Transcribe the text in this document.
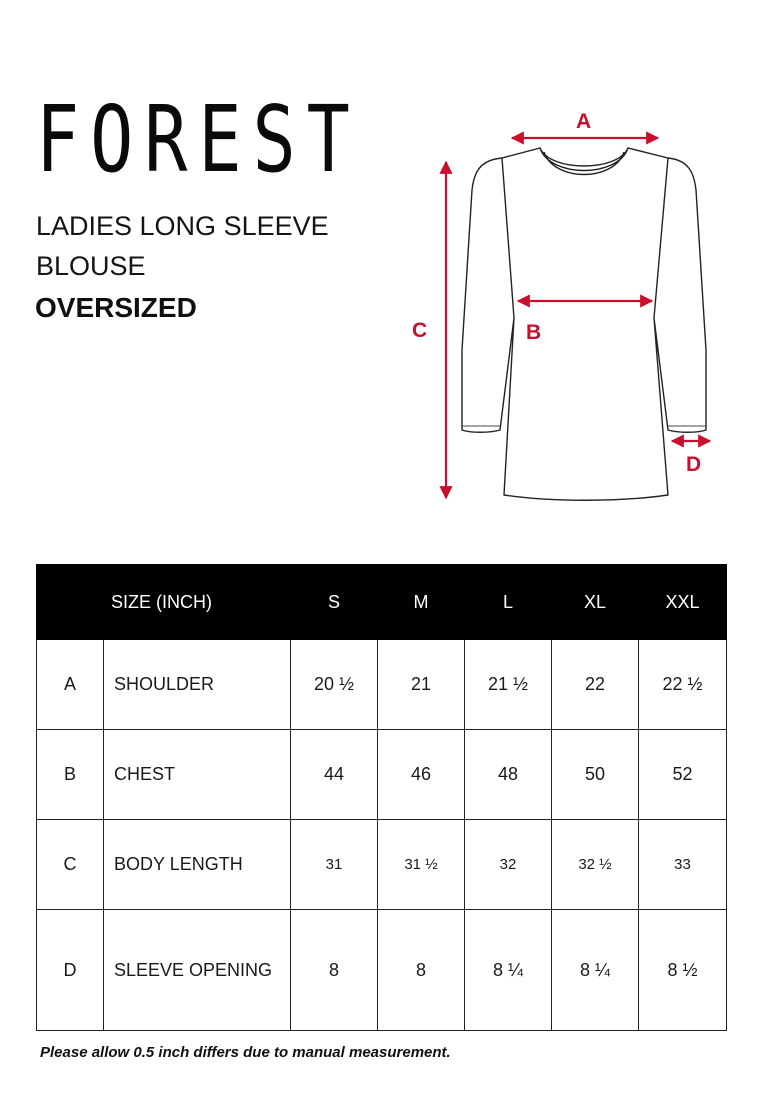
FOREST
LADIES LONG SLEEVE BLOUSE
OVERSIZED
A
B
C
D
SIZE (INCH)		S	M	L	XL	XXL
A	SHOULDER	20 ½	21	21 ½	22	22 ½
B	CHEST	44	46	48	50	52
C	BODY LENGTH	31	31 ½	32	32 ½	33
D	SLEEVE OPENING	8	8	8 ¼	8 ¼	8 ½
Please allow 0.5 inch differs due to manual measurement.
